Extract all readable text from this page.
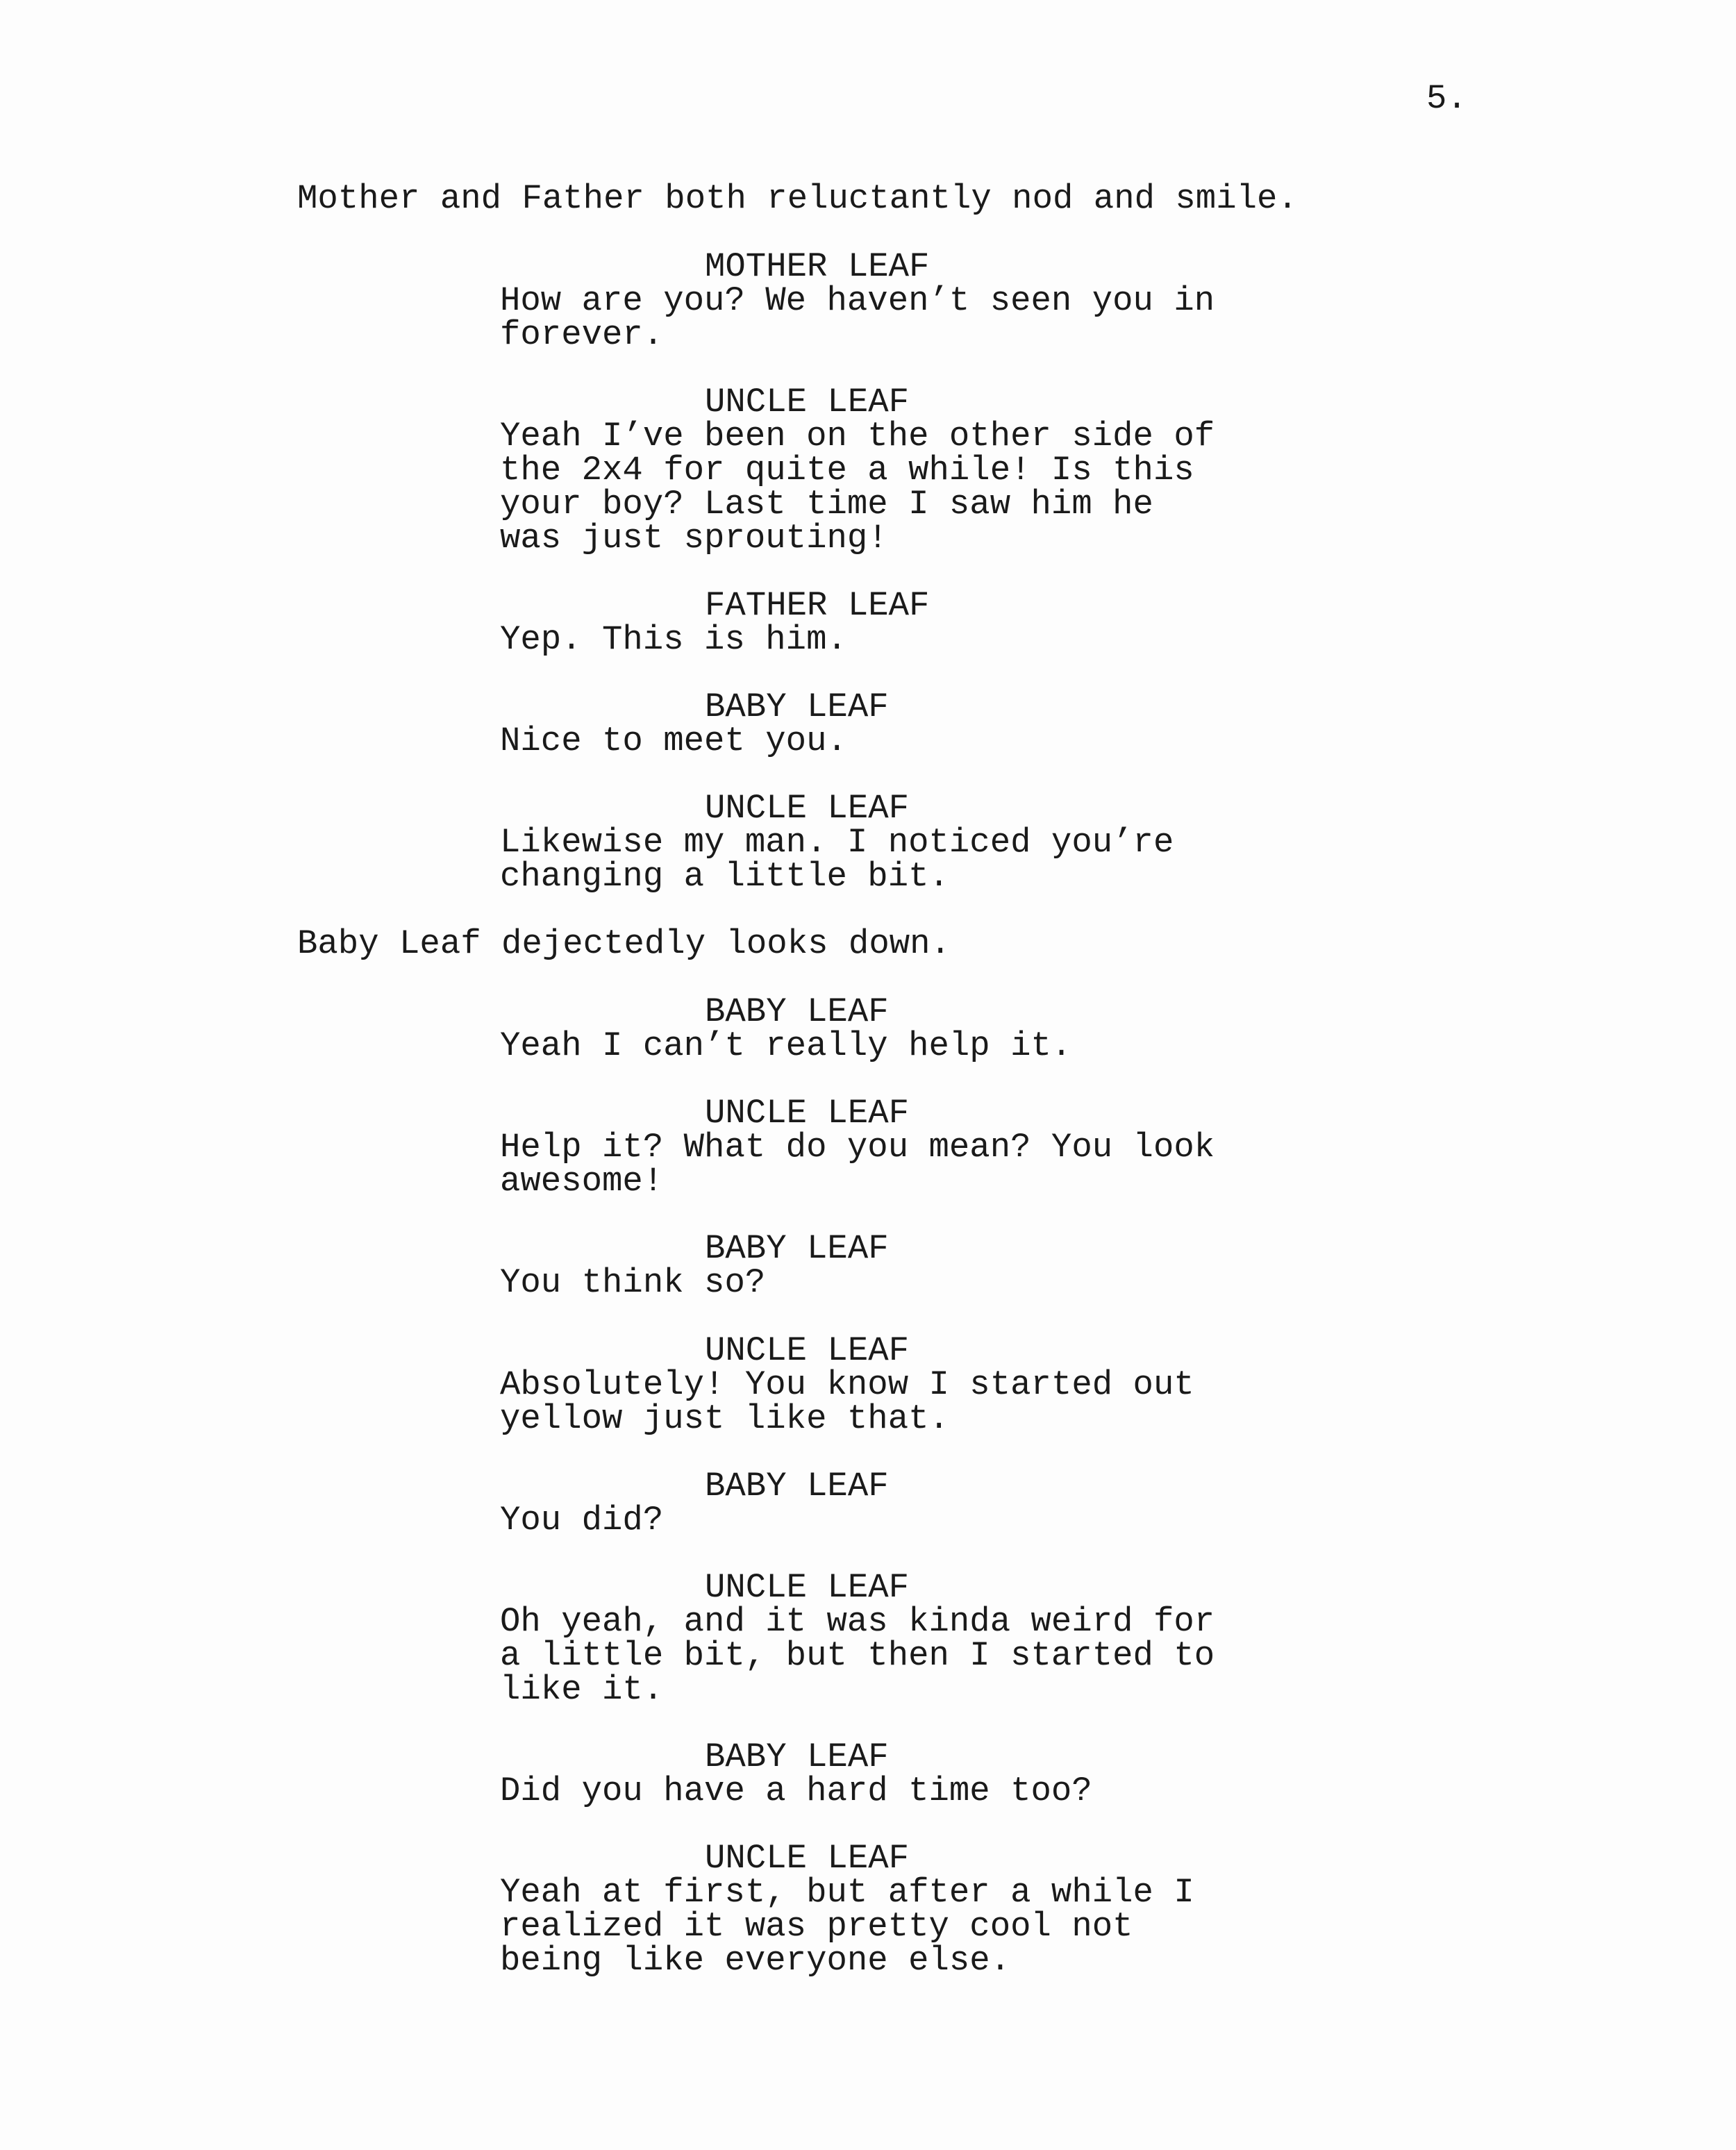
5.
Mother and Father both reluctantly nod and smile.
MOTHER LEAF
How are you? We haven’t seen you in
forever.
UNCLE LEAF
Yeah I’ve been on the other side of
the 2x4 for quite a while! Is this
your boy? Last time I saw him he
was just sprouting!
FATHER LEAF
Yep. This is him.
BABY LEAF
Nice to meet you.
UNCLE LEAF
Likewise my man. I noticed you’re
changing a little bit.
Baby Leaf dejectedly looks down.
BABY LEAF
Yeah I can’t really help it.
UNCLE LEAF
Help it? What do you mean? You look
awesome!
BABY LEAF
You think so?
UNCLE LEAF
Absolutely! You know I started out
yellow just like that.
BABY LEAF
You did?
UNCLE LEAF
Oh yeah, and it was kinda weird for
a little bit, but then I started to
like it.
BABY LEAF
Did you have a hard time too?
UNCLE LEAF
Yeah at first, but after a while I
realized it was pretty cool not
being like everyone else.
